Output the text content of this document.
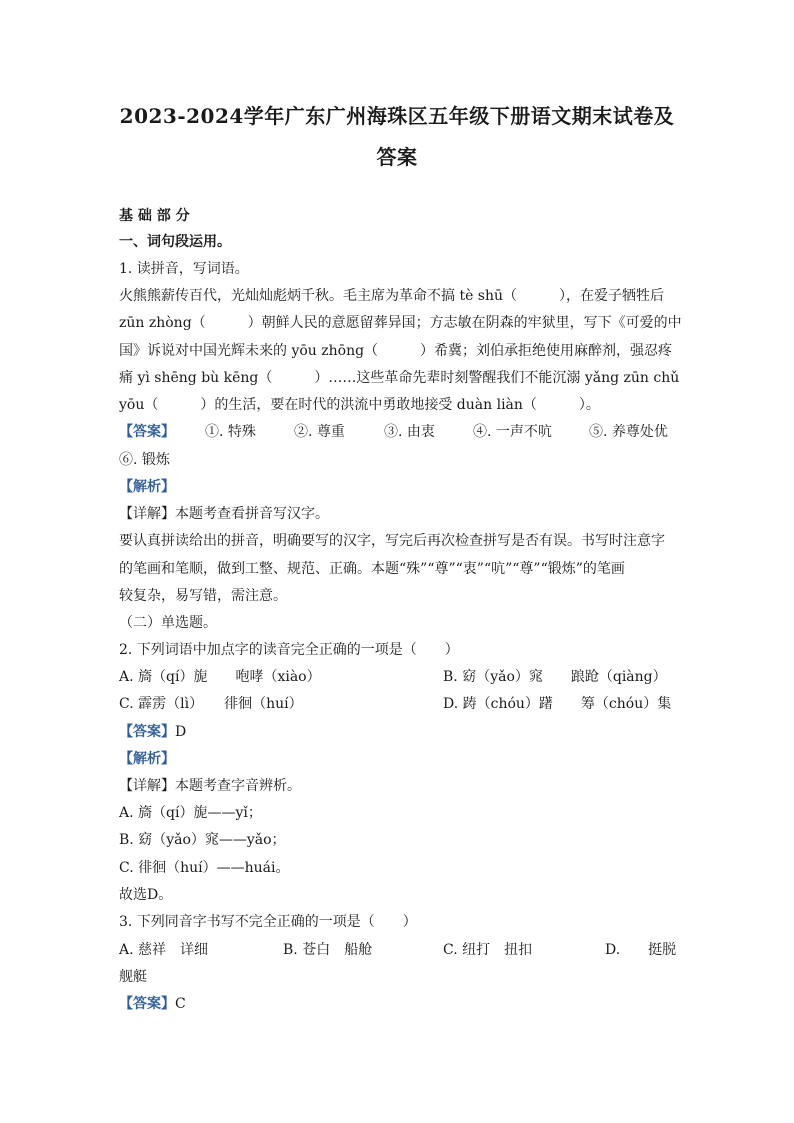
2023-2024学年广东广州海珠区五年级下册语文期末试卷及
答案
基 础 部 分
一、词句段运用。
1. 读拼音，写词语。
火熊熊薪传百代，光灿灿彪炳千秋。毛主席为革命不搞 tè shū（　　　），在爱子牺牲后
zūn zhòng（　　　）朝鲜人民的意愿留葬异国；方志敏在阴森的牢狱里，写下《可爱的中
国》诉说对中国光辉未来的 yōu zhōng（　　　）希冀；刘伯承拒绝使用麻醉剂，强忍疼
痛 yì shēng bù kēng（　　　）……这些革命先辈时刻警醒我们不能沉溺 yǎng zūn chǔ
yōu（　　　）的生活，要在时代的洪流中勇敢地接受 duàn liàn（　　　）。
【答案】 ①. 特殊	②. 尊重	③. 由衷	④. 一声不吭	⑤. 养尊处优
⑥. 锻炼
【解析】
【详解】本题考查看拼音写汉字。
要认真拼读给出的拼音，明确要写的汉字，写完后再次检查拼写是否有误。书写时注意字
的笔画和笔顺，做到工整、规范、正确。本题“殊”“尊”“衷”“吭”“尊”“锻炼”的笔画
较复杂，易写错，需注意。
（二）单选题。
2. 下列词语中加点字的读音完全正确的一项是（　　）
A. 旖（qí）旎　　咆哮（xiào）	B. 窈（yǎo）窕　　踉跄（qiàng）
C. 霹雳（lì）　　徘徊（huí）	D. 踌（chóu）躇　　筹（chóu）集
【答案】D
【解析】
【详解】本题考查字音辨析。
A. 旖（qí）旎——yǐ；
B. 窈（yǎo）窕——yǎo；
C. 徘徊（huí）——huái。
故选D。
3. 下列同音字书写不完全正确的一项是（　　）
A. 慈祥　详细	B. 苍白　船舱	C. 纽打　扭扣	D.　　挺脱
舰艇
【答案】C
